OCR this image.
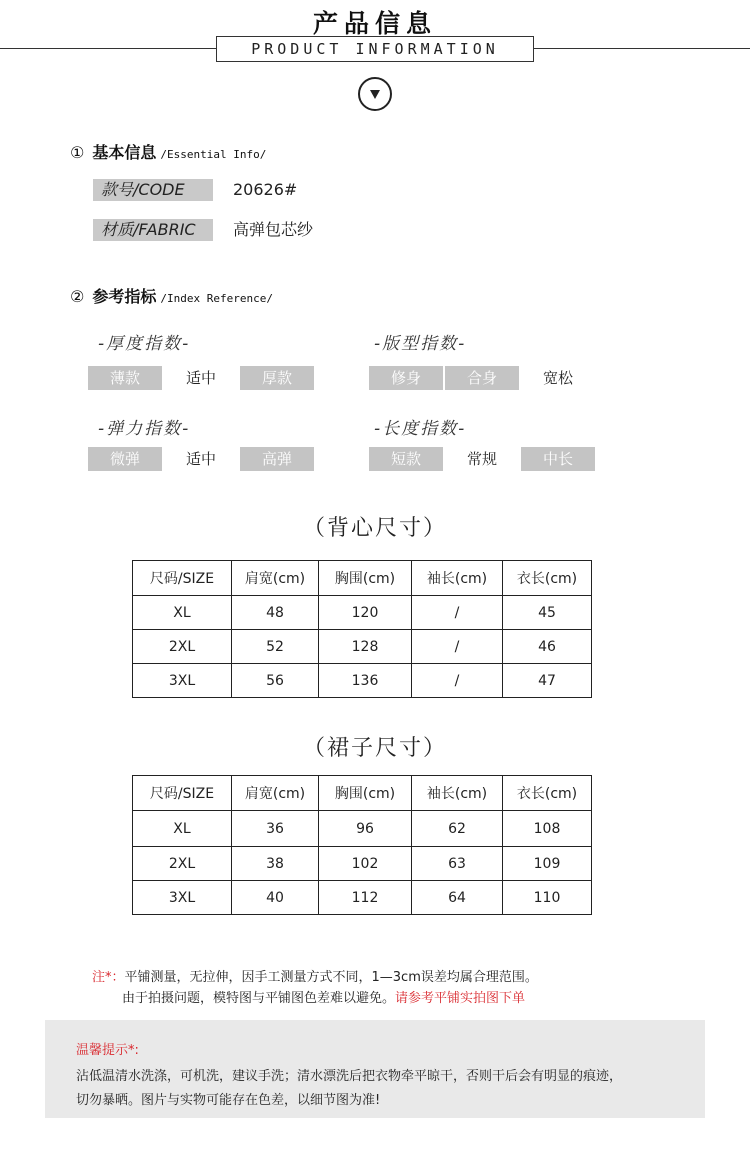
产品信息
PRODUCT INFORMATION
① 基本信息 /Essential Info/
款号/CODE	20626#
材质/FABRIC	高弹包芯纱
② 参考指标 /Index Reference/
-厚度指数-
薄款	适中	厚款
-版型指数-
修身	合身	宽松
-弹力指数-
微弹	适中	高弹
-长度指数-
短款	常规	中长
（背心尺寸）
尺码/SIZE	肩宽(cm)	胸围(cm)	袖长(cm)	衣长(cm)
XL	48	120	/	45
2XL	52	128	/	46
3XL	56	136	/	47
（裙子尺寸）
尺码/SIZE	肩宽(cm)	胸围(cm)	袖长(cm)	衣长(cm)
XL	36	96	62	108
2XL	38	102	63	109
3XL	40	112	64	110
注*：平铺测量，无拉伸，因手工测量方式不同，1—3cm误差均属合理范围。
由于拍摄问题，模特图与平铺图色差难以避免。请参考平铺实拍图下单
温馨提示*:
沾低温清水洗涤，可机洗，建议手洗；清水漂洗后把衣物牵平晾干，否则干后会有明显的痕迹，
切勿暴晒。图片与实物可能存在色差，以细节图为准!
